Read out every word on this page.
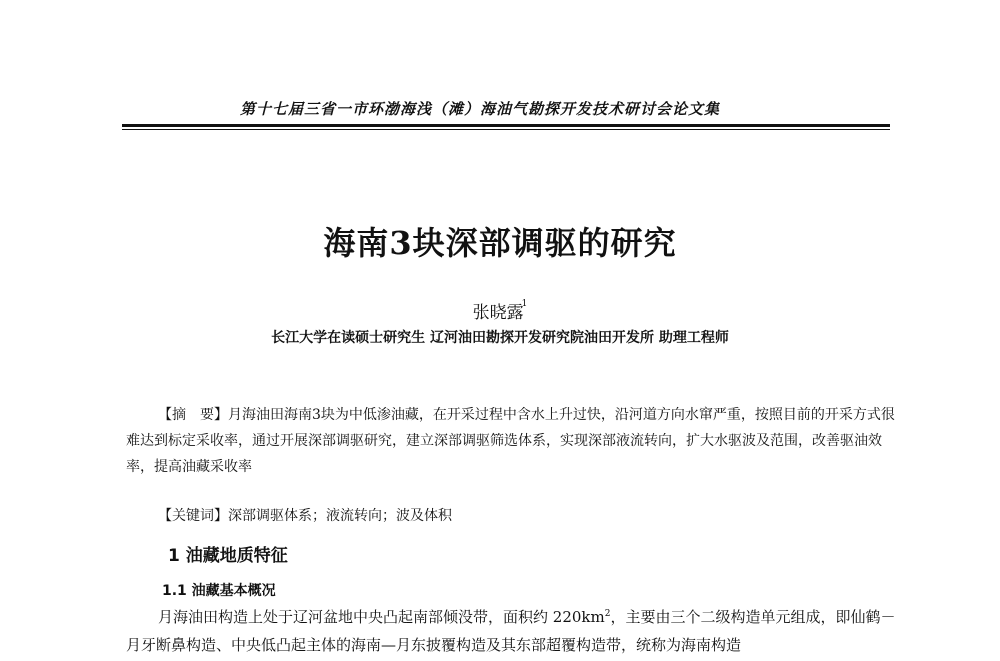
第十七届三省一市环渤海浅（滩）海油气勘探开发技术研讨会论文集
海南3块深部调驱的研究
张晓露$^1$
长江大学在读硕士研究生 辽河油田勘探开发研究院油田开发所 助理工程师
【摘　要】月海油田海南3块为中低渗油藏，在开采过程中含水上升过快，沿河道方向水窜严重，按照目前的开采方式很难达到标定采收率，通过开展深部调驱研究，建立深部调驱筛选体系，实现深部液流转向，扩大水驱波及范围，改善驱油效率，提高油藏采收率
【关键词】深部调驱体系；液流转向；波及体积
1 油藏地质特征
1.1 油藏基本概况
月海油田构造上处于辽河盆地中央凸起南部倾没带，面积约 $220km^2$，主要由三个二级构造单元组成，即仙鹤－月牙断鼻构造、中央低凸起主体的海南—月东披覆构造及其东部超覆构造带，统称为海南构造
